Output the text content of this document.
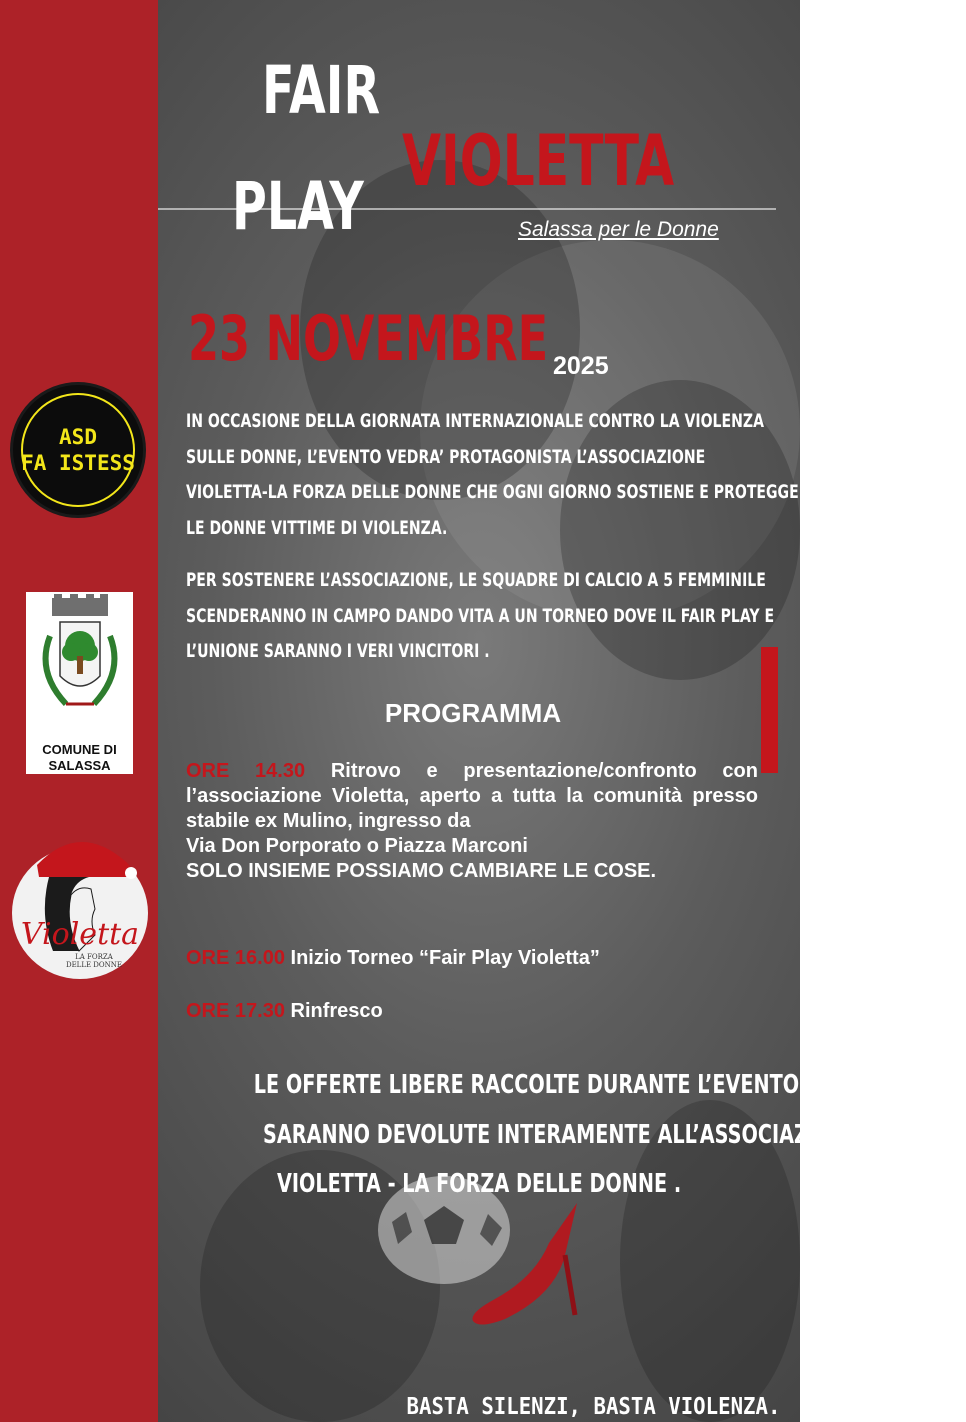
FAIR
VIOLETTA
PLAY	Salassa per le Donne
23 NOVEMBRE 2025
IN OCCASIONE DELLA GIORNATA INTERNAZIONALE CONTRO LA VIOLENZA
SULLE DONNE, L’EVENTO VEDRA’ PROTAGONISTA L’ASSOCIAZIONE
VIOLETTA-LA FORZA DELLE DONNE CHE OGNI GIORNO SOSTIENE E PROTEGGE
LE DONNE VITTIME DI VIOLENZA.
PER SOSTENERE L’ASSOCIAZIONE, LE SQUADRE DI CALCIO A 5 FEMMINILE
SCENDERANNO IN CAMPO DANDO VITA A UN TORNEO DOVE IL FAIR PLAY E
L’UNIONE SARANNO I VERI VINCITORI .
PROGRAMMA
ORE 14.30 Ritrovo e presentazione/confronto con l’associazione Violetta, aperto a tutta la comunità presso stabile ex Mulino, ingresso da
Via Don Porporato o Piazza Marconi
SOLO INSIEME POSSIAMO CAMBIARE LE COSE.
ORE 16.00 Inizio Torneo “Fair Play Violetta”
ORE 17.30 Rinfresco
LE OFFERTE LIBERE RACCOLTE DURANTE L’EVENTO
SARANNO DEVOLUTE INTERAMENTE ALL’ASSOCIAZIONE
VIOLETTA - LA FORZA DELLE DONNE .
BASTA SILENZI, BASTA VIOLENZA.
ASD
FA ISTESS
COMUNE DI
SALASSA
Violetta
LA FORZA
DELLE DONNE
